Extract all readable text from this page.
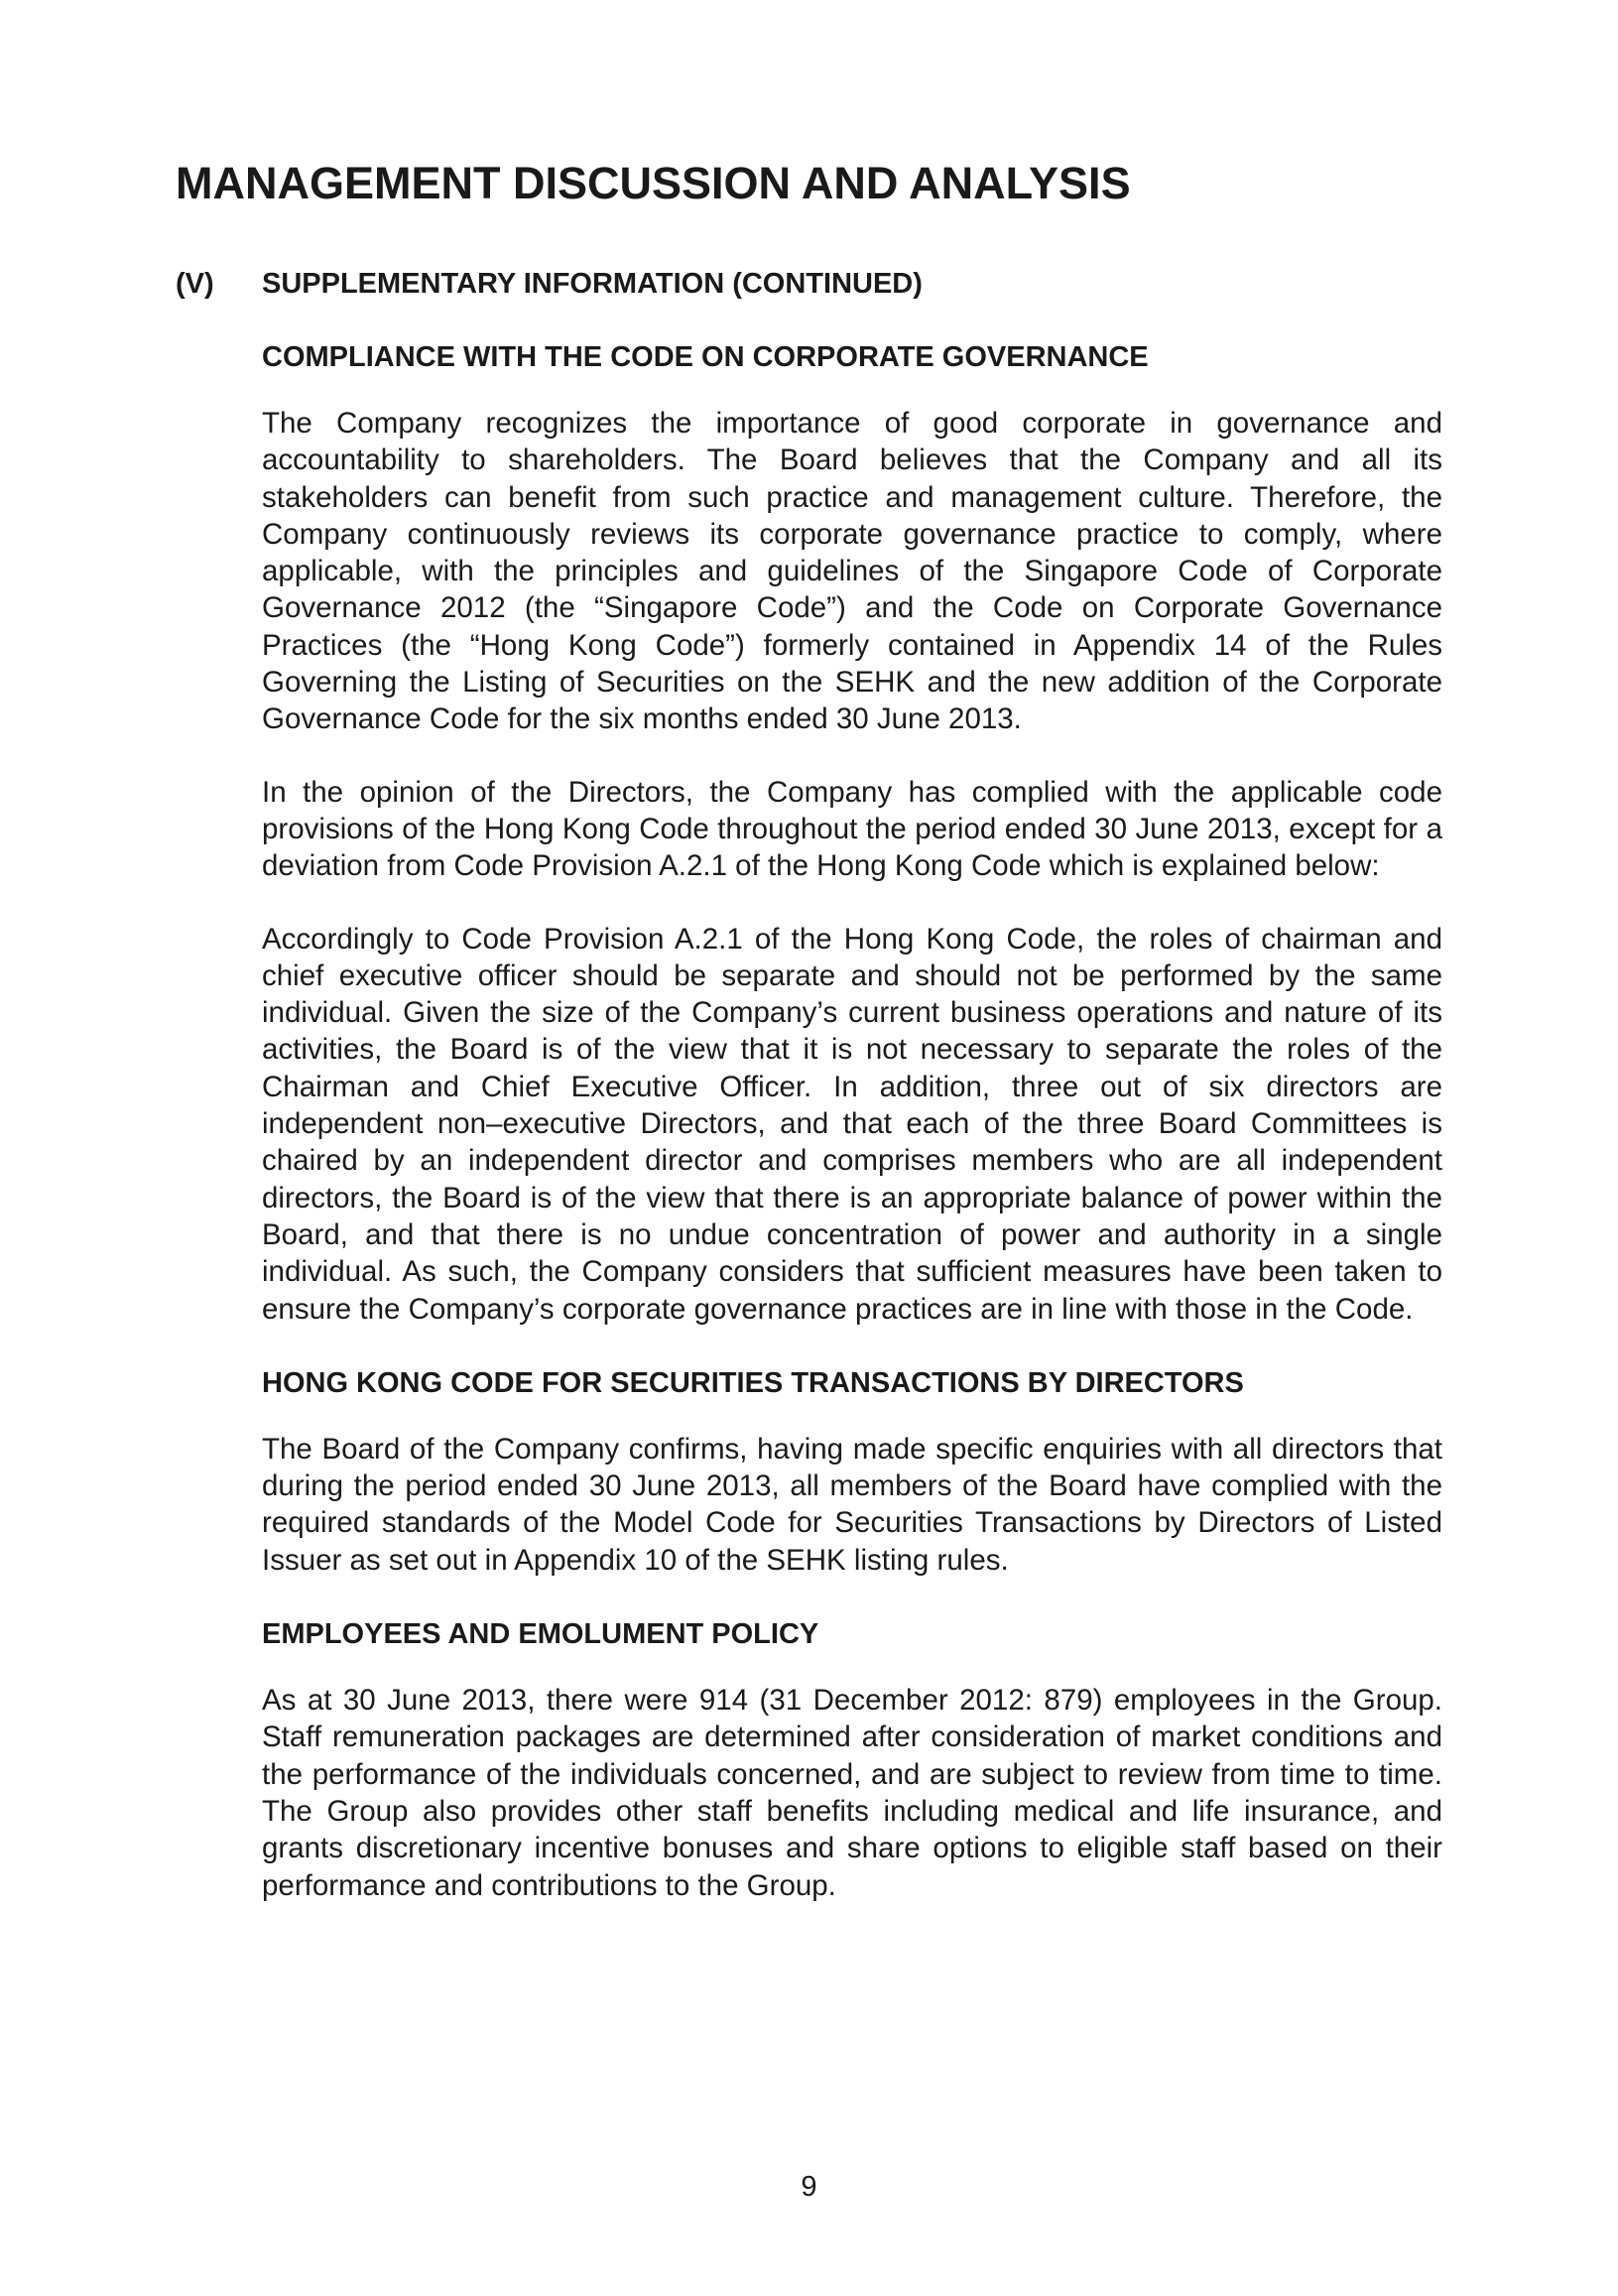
MANAGEMENT DISCUSSION AND ANALYSIS
(V) SUPPLEMENTARY INFORMATION (CONTINUED)
COMPLIANCE WITH THE CODE ON CORPORATE GOVERNANCE

The Company recognizes the importance of good corporate in governance and accountability to shareholders. The Board believes that the Company and all its stakeholders can benefit from such practice and management culture. Therefore, the Company continuously reviews its corporate governance practice to comply, where applicable, with the principles and guidelines of the Singapore Code of Corporate Governance 2012 (the “Singapore Code”) and the Code on Corporate Governance Practices (the “Hong Kong Code”) formerly contained in Appendix 14 of the Rules Governing the Listing of Securities on the SEHK and the new addition of the Corporate Governance Code for the six months ended 30 June 2013.

In the opinion of the Directors, the Company has complied with the applicable code provisions of the Hong Kong Code throughout the period ended 30 June 2013, except for a deviation from Code Provision A.2.1 of the Hong Kong Code which is explained below:

Accordingly to Code Provision A.2.1 of the Hong Kong Code, the roles of chairman and chief executive officer should be separate and should not be performed by the same individual. Given the size of the Company’s current business operations and nature of its activities, the Board is of the view that it is not necessary to separate the roles of the Chairman and Chief Executive Officer. In addition, three out of six directors are independent non–executive Directors, and that each of the three Board Committees is chaired by an independent director and comprises members who are all independent directors, the Board is of the view that there is an appropriate balance of power within the Board, and that there is no undue concentration of power and authority in a single individual. As such, the Company considers that sufficient measures have been taken to ensure the Company’s corporate governance practices are in line with those in the Code.

HONG KONG CODE FOR SECURITIES TRANSACTIONS BY DIRECTORS

The Board of the Company confirms, having made specific enquiries with all directors that during the period ended 30 June 2013, all members of the Board have complied with the required standards of the Model Code for Securities Transactions by Directors of Listed Issuer as set out in Appendix 10 of the SEHK listing rules.

EMPLOYEES AND EMOLUMENT POLICY

As at 30 June 2013, there were 914 (31 December 2012: 879) employees in the Group. Staff remuneration packages are determined after consideration of market conditions and the performance of the individuals concerned, and are subject to review from time to time. The Group also provides other staff benefits including medical and life insurance, and grants discretionary incentive bonuses and share options to eligible staff based on their performance and contributions to the Group.

9
